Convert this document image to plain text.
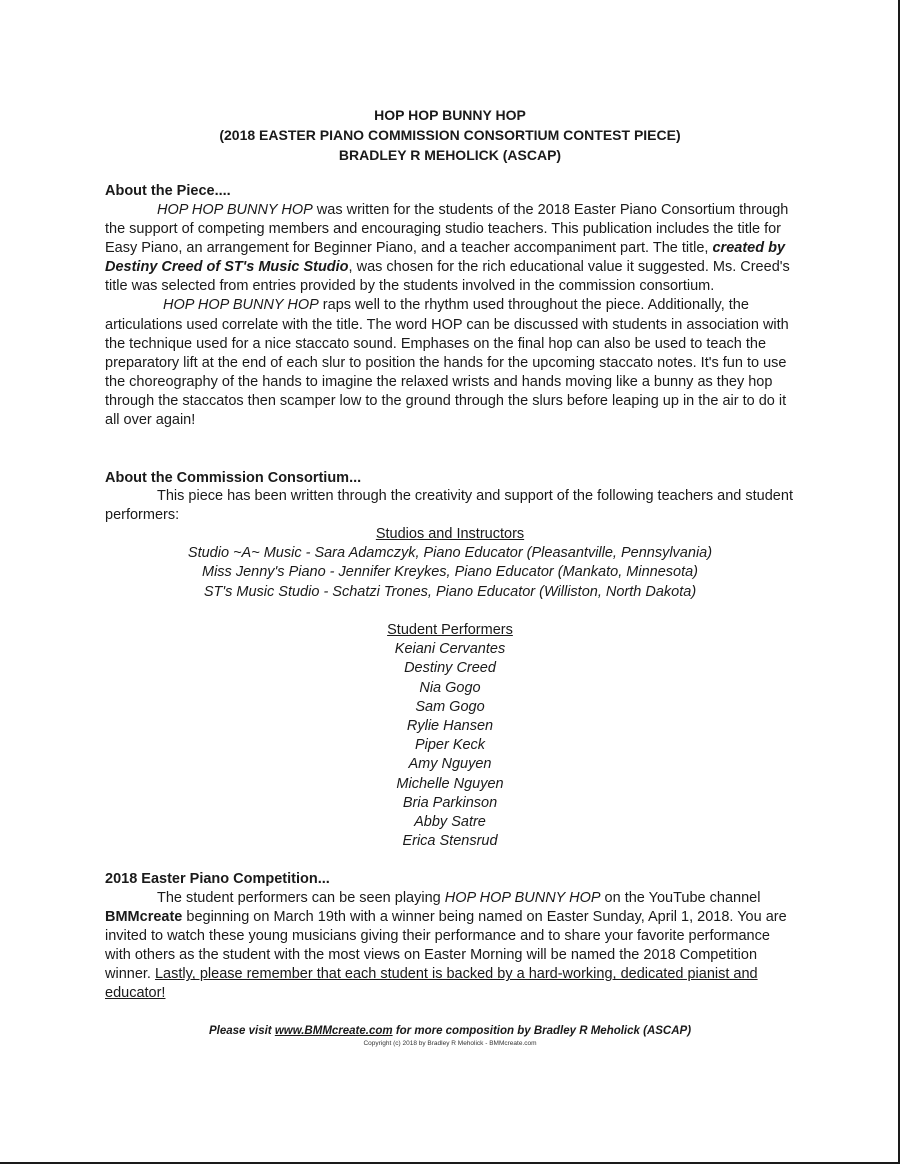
HOP HOP BUNNY HOP
(2018 EASTER PIANO COMMISSION CONSORTIUM CONTEST PIECE)
BRADLEY R MEHOLICK (ASCAP)
About the Piece....

HOP HOP BUNNY HOP was written for the students of the 2018 Easter Piano Consortium through the support of competing members and encouraging studio teachers. This publication includes the title for Easy Piano, an arrangement for Beginner Piano, and a teacher accompaniment part. The title, created by Destiny Creed of ST's Music Studio, was chosen for the rich educational value it suggested. Ms. Creed's title was selected from entries provided by the students involved in the commission consortium.

HOP HOP BUNNY HOP raps well to the rhythm used throughout the piece. Additionally, the articulations used correlate with the title. The word HOP can be discussed with students in association with the technique used for a nice staccato sound. Emphases on the final hop can also be used to teach the preparatory lift at the end of each slur to position the hands for the upcoming staccato notes. It's fun to use the choreography of the hands to imagine the relaxed wrists and hands moving like a bunny as they hop through the staccatos then scamper low to the ground through the slurs before leaping up in the air to do it all over again!

About the Commission Consortium...

This piece has been written through the creativity and support of the following teachers and student performers:

Studios and Instructors
Studio ~A~ Music - Sara Adamczyk, Piano Educator (Pleasantville, Pennsylvania)
Miss Jenny's Piano - Jennifer Kreykes, Piano Educator (Mankato, Minnesota)
ST's Music Studio - Schatzi Trones, Piano Educator (Williston, North Dakota)
Student Performers
Keiani Cervantes
Destiny Creed
Nia Gogo
Sam Gogo
Rylie Hansen
Piper Keck
Amy Nguyen
Michelle Nguyen
Bria Parkinson
Abby Satre
Erica Stensrud
2018 Easter Piano Competition...

The student performers can be seen playing HOP HOP BUNNY HOP on the YouTube channel BMMcreate beginning on March 19th with a winner being named on Easter Sunday, April 1, 2018. You are invited to watch these young musicians giving their performance and to share your favorite performance with others as the student with the most views on Easter Morning will be named the 2018 Competition winner. Lastly, please remember that each student is backed by a hard-working, dedicated pianist and educator!

Please visit www.BMMcreate.com for more composition by Bradley R Meholick (ASCAP)
Copyright (c) 2018 by Bradley R Meholick - BMMcreate.com
